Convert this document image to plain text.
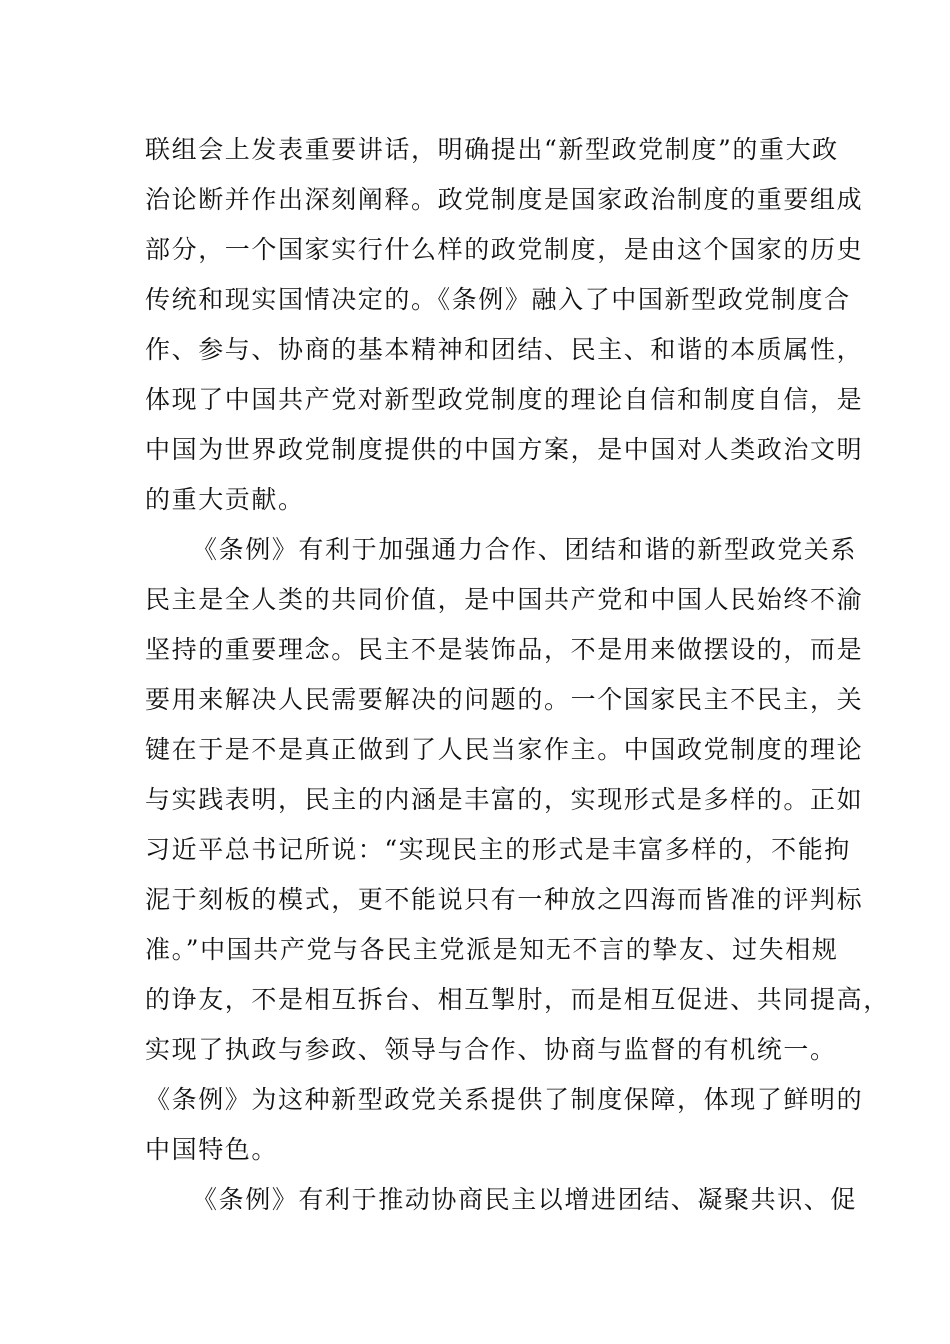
联组会上发表重要讲话，明确提出“新型政党制度”的重大政
治论断并作出深刻阐释。政党制度是国家政治制度的重要组成
部分，一个国家实行什么样的政党制度，是由这个国家的历史
传统和现实国情决定的。《条例》融入了中国新型政党制度合
作、参与、协商的基本精神和团结、民主、和谐的本质属性，
体现了中国共产党对新型政党制度的理论自信和制度自信，是
中国为世界政党制度提供的中国方案，是中国对人类政治文明
的重大贡献。
《条例》有利于加强通力合作、团结和谐的新型政党关系
民主是全人类的共同价值，是中国共产党和中国人民始终不渝
坚持的重要理念。民主不是装饰品，不是用来做摆设的，而是
要用来解决人民需要解决的问题的。一个国家民主不民主，关
键在于是不是真正做到了人民当家作主。中国政党制度的理论
与实践表明，民主的内涵是丰富的，实现形式是多样的。正如
习近平总书记所说：“实现民主的形式是丰富多样的，不能拘
泥于刻板的模式，更不能说只有一种放之四海而皆准的评判标
准。”中国共产党与各民主党派是知无不言的挚友、过失相规
的诤友，不是相互拆台、相互掣肘，而是相互促进、共同提高，
实现了执政与参政、领导与合作、协商与监督的有机统一。
《条例》为这种新型政党关系提供了制度保障，体现了鲜明的
中国特色。
《条例》有利于推动协商民主以增进团结、凝聚共识、促
